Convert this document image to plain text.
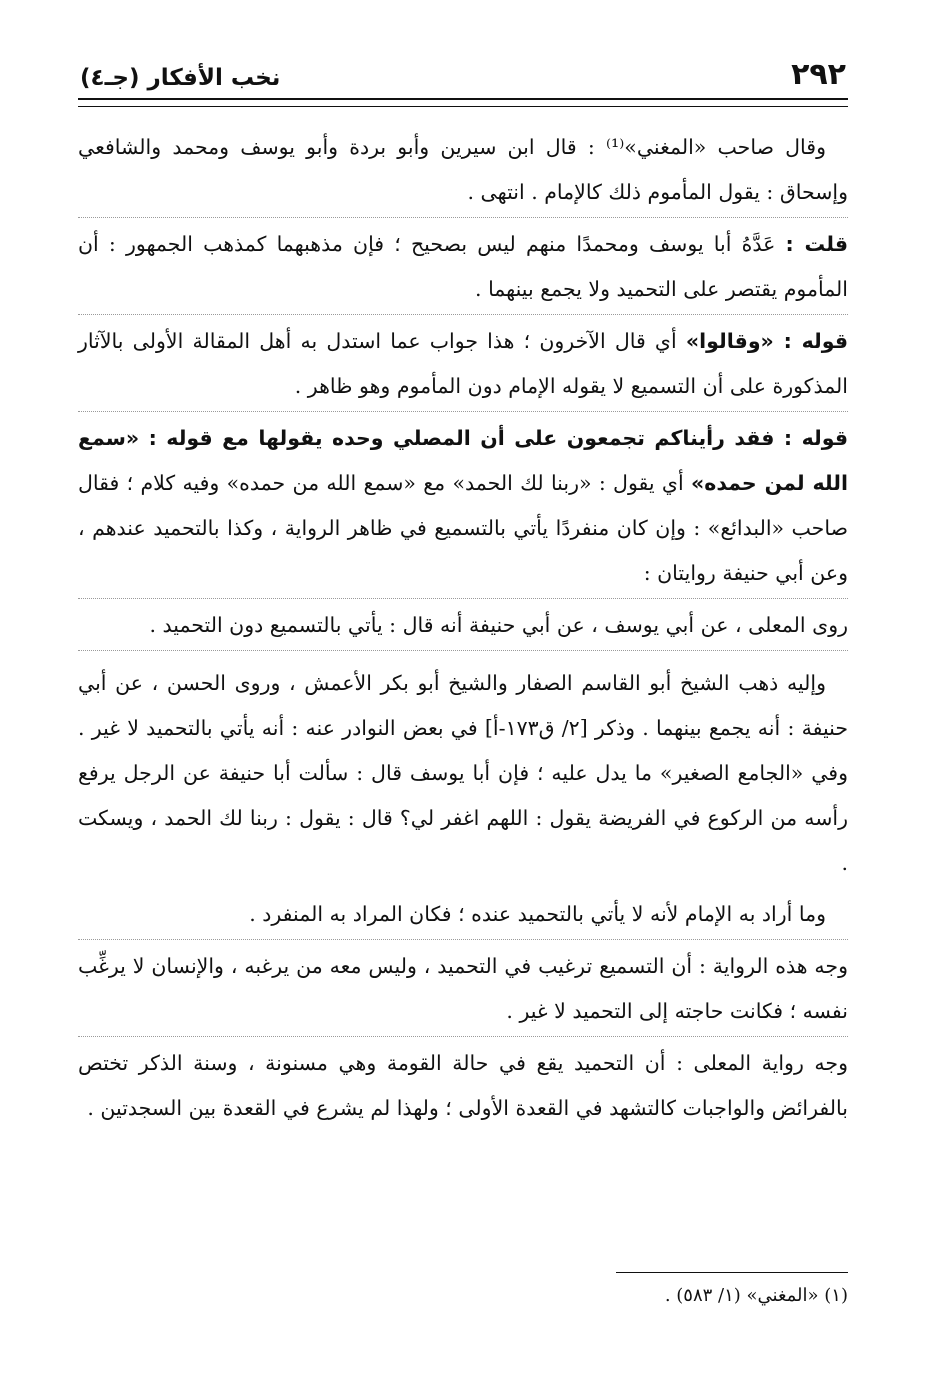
٢٩٢
نخب الأفكار (جـ٤)

وقال صاحب «المغني»⁽¹⁾ : قال ابن سيرين وأبو بردة وأبو يوسف ومحمد والشافعي وإسحاق : يقول المأموم ذلك كالإمام . انتهى .

قلت : عَدَّهُ أبا يوسف ومحمدًا منهم ليس بصحيح ؛ فإن مذهبهما كمذهب الجمهور : أن المأموم يقتصر على التحميد ولا يجمع بينهما .

قوله : «وقالوا» أي قال الآخرون ؛ هذا جواب عما استدل به أهل المقالة الأولى بالآثار المذكورة على أن التسميع لا يقوله الإمام دون المأموم وهو ظاهر .

قوله : فقد رأيناكم تجمعون على أن المصلي وحده يقولها مع قوله : «سمع الله لمن حمده» أي يقول : «ربنا لك الحمد» مع «سمع الله من حمده» وفيه كلام ؛ فقال صاحب «البدائع» : وإن كان منفردًا يأتي بالتسميع في ظاهر الرواية ، وكذا بالتحميد عندهم ، وعن أبي حنيفة روايتان :

روى المعلى ، عن أبي يوسف ، عن أبي حنيفة أنه قال : يأتي بالتسميع دون التحميد .

وإليه ذهب الشيخ أبو القاسم الصفار والشيخ أبو بكر الأعمش ، وروى الحسن ، عن أبي حنيفة : أنه يجمع بينهما . وذكر [٢/ ق١٧٣-أ] في بعض النوادر عنه : أنه يأتي بالتحميد لا غير . وفي «الجامع الصغير» ما يدل عليه ؛ فإن أبا يوسف قال : سألت أبا حنيفة عن الرجل يرفع رأسه من الركوع في الفريضة يقول : اللهم اغفر لي؟ قال : يقول : ربنا لك الحمد ، ويسكت .

وما أراد به الإمام لأنه لا يأتي بالتحميد عنده ؛ فكان المراد به المنفرد .

وجه هذه الرواية : أن التسميع ترغيب في التحميد ، وليس معه من يرغبه ، والإنسان لا يرغِّب نفسه ؛ فكانت حاجته إلى التحميد لا غير .

وجه رواية المعلى : أن التحميد يقع في حالة القومة وهي مسنونة ، وسنة الذكر تختص بالفرائض والواجبات كالتشهد في القعدة الأولى ؛ ولهذا لم يشرع في القعدة بين السجدتين .

(١) «المغني» (١/ ٥٨٣) .
